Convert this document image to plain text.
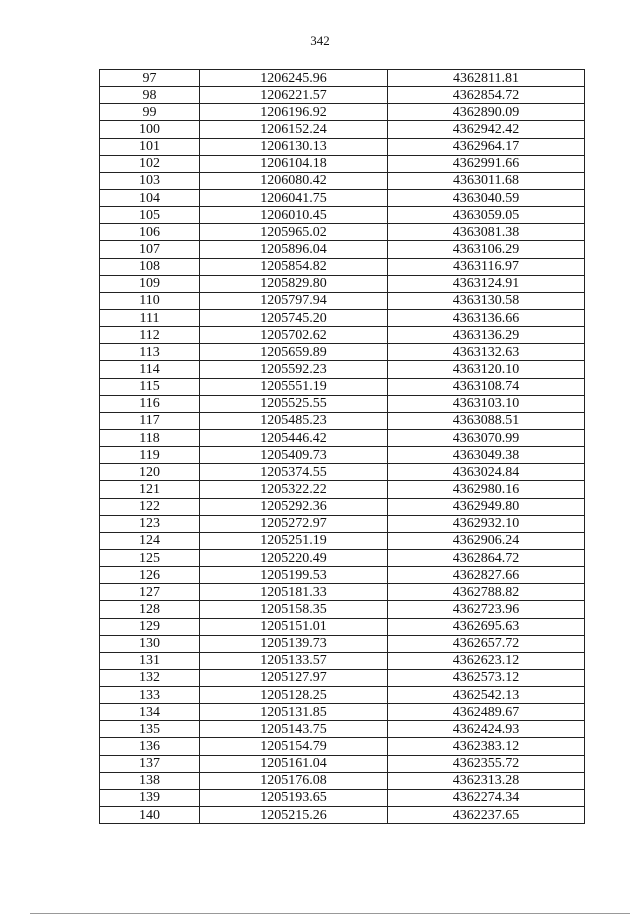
342
97	1206245.96	4362811.81
98	1206221.57	4362854.72
99	1206196.92	4362890.09
100	1206152.24	4362942.42
101	1206130.13	4362964.17
102	1206104.18	4362991.66
103	1206080.42	4363011.68
104	1206041.75	4363040.59
105	1206010.45	4363059.05
106	1205965.02	4363081.38
107	1205896.04	4363106.29
108	1205854.82	4363116.97
109	1205829.80	4363124.91
110	1205797.94	4363130.58
111	1205745.20	4363136.66
112	1205702.62	4363136.29
113	1205659.89	4363132.63
114	1205592.23	4363120.10
115	1205551.19	4363108.74
116	1205525.55	4363103.10
117	1205485.23	4363088.51
118	1205446.42	4363070.99
119	1205409.73	4363049.38
120	1205374.55	4363024.84
121	1205322.22	4362980.16
122	1205292.36	4362949.80
123	1205272.97	4362932.10
124	1205251.19	4362906.24
125	1205220.49	4362864.72
126	1205199.53	4362827.66
127	1205181.33	4362788.82
128	1205158.35	4362723.96
129	1205151.01	4362695.63
130	1205139.73	4362657.72
131	1205133.57	4362623.12
132	1205127.97	4362573.12
133	1205128.25	4362542.13
134	1205131.85	4362489.67
135	1205143.75	4362424.93
136	1205154.79	4362383.12
137	1205161.04	4362355.72
138	1205176.08	4362313.28
139	1205193.65	4362274.34
140	1205215.26	4362237.65
